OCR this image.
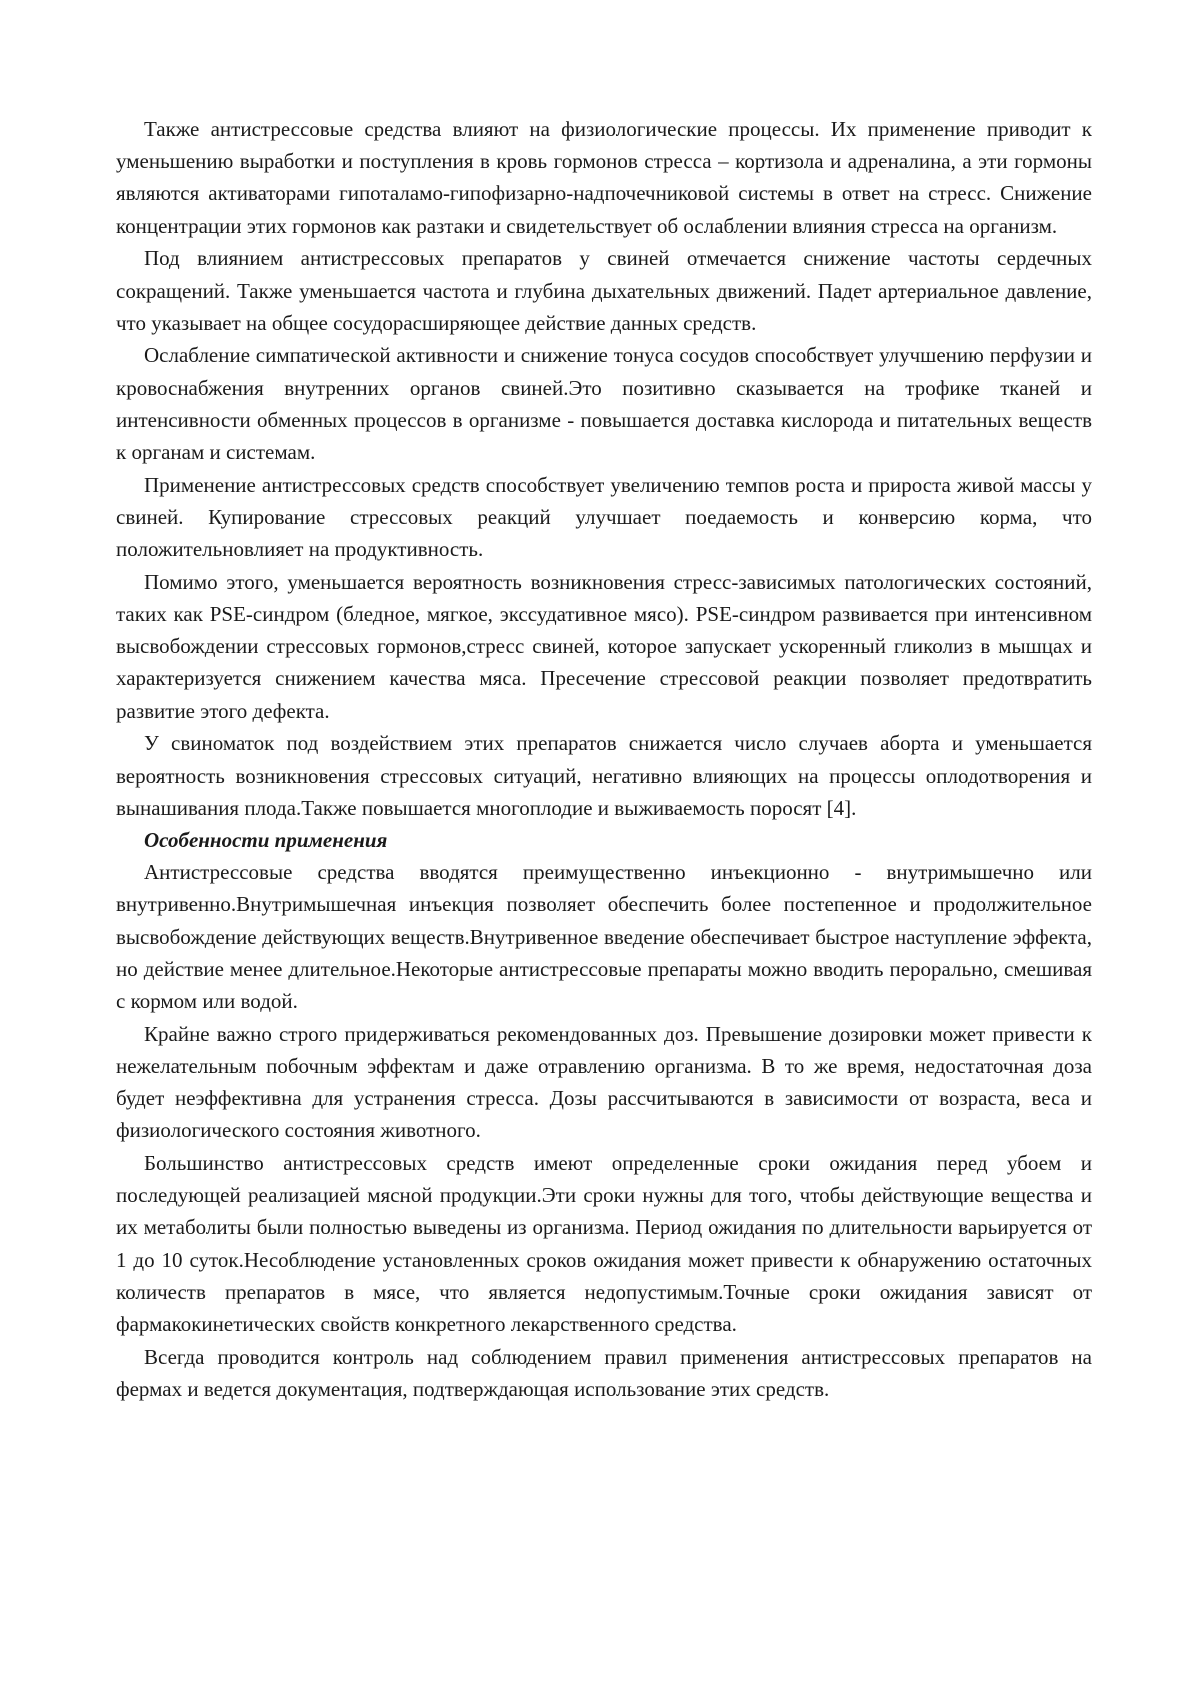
Также антистрессовые средства влияют на физиологические процессы. Их применение приводит к уменьшению выработки и поступления в кровь гормонов стресса – кортизола и адреналина, а эти гормоны являются активаторами гипоталамо-гипофизарно-надпочечниковой системы в ответ на стресс. Снижение концентрации этих гормонов как разтаки и свидетельствует об ослаблении влияния стресса на организм.

Под влиянием антистрессовых препаратов у свиней отмечается снижение частоты сердечных сокращений. Также уменьшается частота и глубина дыхательных движений. Падет артериальное давление, что указывает на общее сосудорасширяющее действие данных средств.

Ослабление симпатической активности и снижение тонуса сосудов способствует улучшению перфузии и кровоснабжения внутренних органов свиней.Это позитивно сказывается на трофике тканей и интенсивности обменных процессов в организме - повышается доставка кислорода и питательных веществ к органам и системам.

Применение антистрессовых средств способствует увеличению темпов роста и прироста живой массы у свиней. Купирование стрессовых реакций улучшает поедаемость и конверсию корма, что положительновлияет на продуктивность.

Помимо этого, уменьшается вероятность возникновения стресс-зависимых патологических состояний, таких как PSE-синдром (бледное, мягкое, экссудативное мясо). PSE-синдром развивается при интенсивном высвобождении стрессовых гормонов,стресс свиней, которое запускает ускоренный гликолиз в мышцах и характеризуется снижением качества мяса. Пресечение стрессовой реакции позволяет предотвратить развитие этого дефекта.

У свиноматок под воздействием этих препаратов снижается число случаев аборта и уменьшается вероятность возникновения стрессовых ситуаций, негативно влияющих на процессы оплодотворения и вынашивания плода.Также повышается многоплодие и выживаемость поросят [4].

Особенности применения

Антистрессовые средства вводятся преимущественно инъекционно - внутримышечно или внутривенно.Внутримышечная инъекция позволяет обеспечить более постепенное и продолжительное высвобождение действующих веществ.Внутривенное введение обеспечивает быстрое наступление эффекта, но действие менее длительное.Некоторые антистрессовые препараты можно вводить перорально, смешивая с кормом или водой.

Крайне важно строго придерживаться рекомендованных доз. Превышение дозировки может привести к нежелательным побочным эффектам и даже отравлению организма. В то же время, недостаточная доза будет неэффективна для устранения стресса. Дозы рассчитываются в зависимости от возраста, веса и физиологического состояния животного.

Большинство антистрессовых средств имеют определенные сроки ожидания перед убоем и последующей реализацией мясной продукции.Эти сроки нужны для того, чтобы действующие вещества и их метаболиты были полностью выведены из организма. Период ожидания по длительности варьируется от 1 до 10 суток.Несоблюдение установленных сроков ожидания может привести к обнаружению остаточных количеств препаратов в мясе, что является недопустимым.Точные сроки ожидания зависят от фармакокинетических свойств конкретного лекарственного средства.

Всегда проводится контроль над соблюдением правил применения антистрессовых препаратов на фермах и ведется документация, подтверждающая использование этих средств.
